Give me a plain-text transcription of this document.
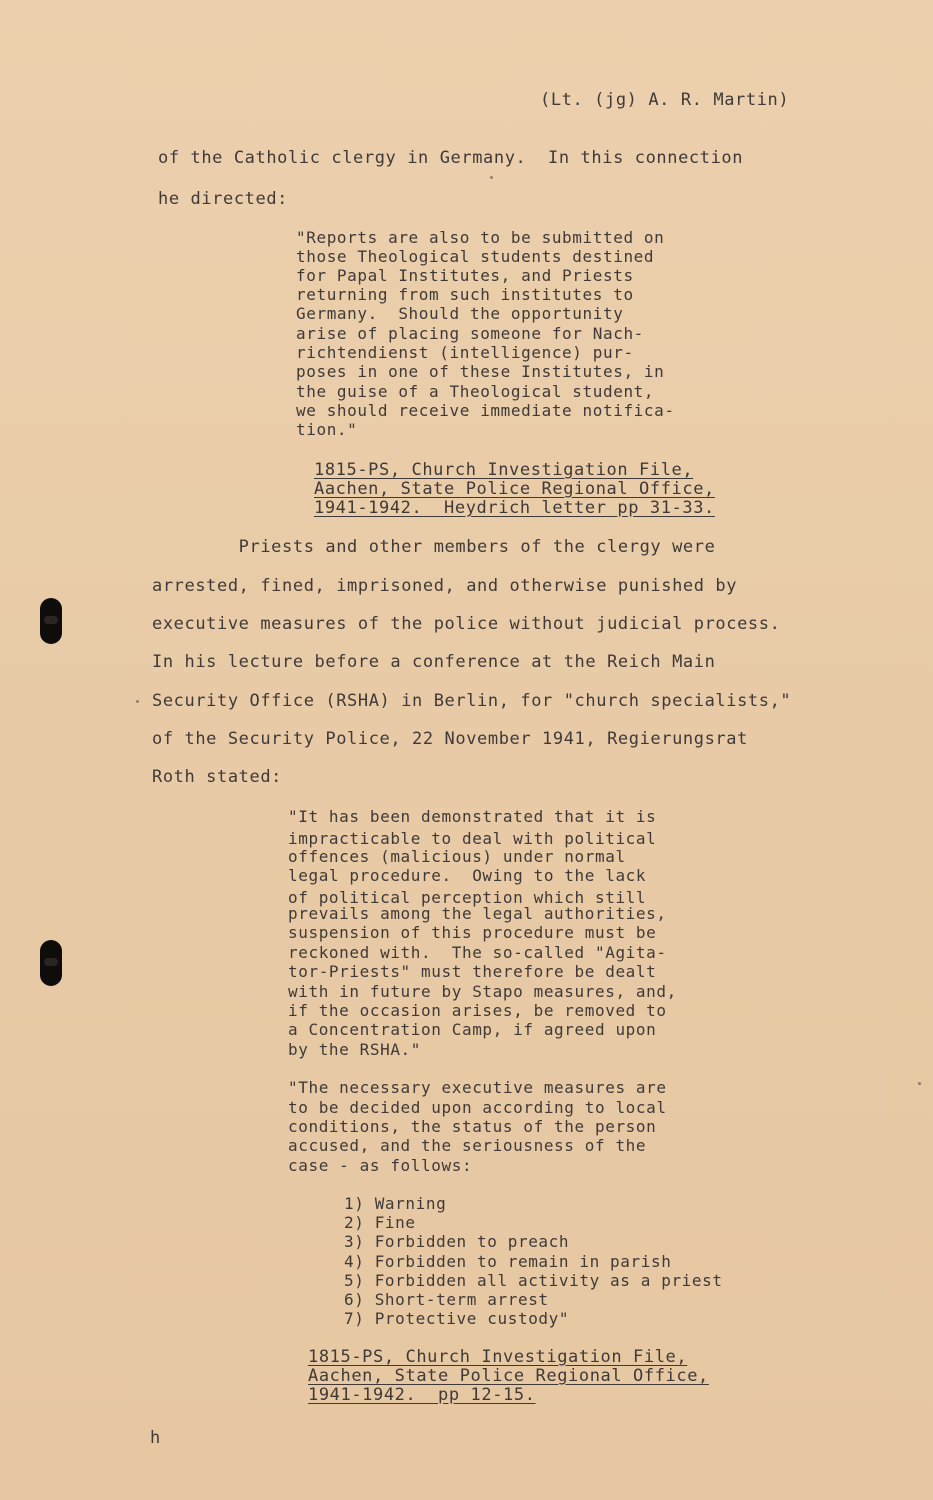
(Lt. (jg) A. R. Martin)
of the Catholic clergy in Germany.  In this connection
he directed:
"Reports are also to be submitted on
those Theological students destined
for Papal Institutes, and Priests
returning from such institutes to
Germany.  Should the opportunity
arise of placing someone for Nach-
richtendienst (intelligence) pur-
poses in one of these Institutes, in
the guise of a Theological student,
we should receive immediate notifica-
tion."
1815-PS, Church Investigation File,
Aachen, State Police Regional Office,
1941-1942.  Heydrich letter pp 31-33.
Priests and other members of the clergy were
arrested, fined, imprisoned, and otherwise punished by
executive measures of the police without judicial process.
In his lecture before a conference at the Reich Main
Security Office (RSHA) in Berlin, for "church specialists,"
of the Security Police, 22 November 1941, Regierungsrat
Roth stated:
"It has been demonstrated that it is
impracticable to deal with political
offences (malicious) under normal
legal procedure.  Owing to the lack
of political perception which still
prevails among the legal authorities,
suspension of this procedure must be
reckoned with.  The so-called "Agita-
tor-Priests" must therefore be dealt
with in future by Stapo measures, and,
if the occasion arises, be removed to
a Concentration Camp, if agreed upon
by the RSHA."
"The necessary executive measures are
to be decided upon according to local
conditions, the status of the person
accused, and the seriousness of the
case - as follows:
1) Warning
2) Fine
3) Forbidden to preach
4) Forbidden to remain in parish
5) Forbidden all activity as a priest
6) Short-term arrest
7) Protective custody"
1815-PS, Church Investigation File,
Aachen, State Police Regional Office,
1941-1942.  pp 12-15.
h
